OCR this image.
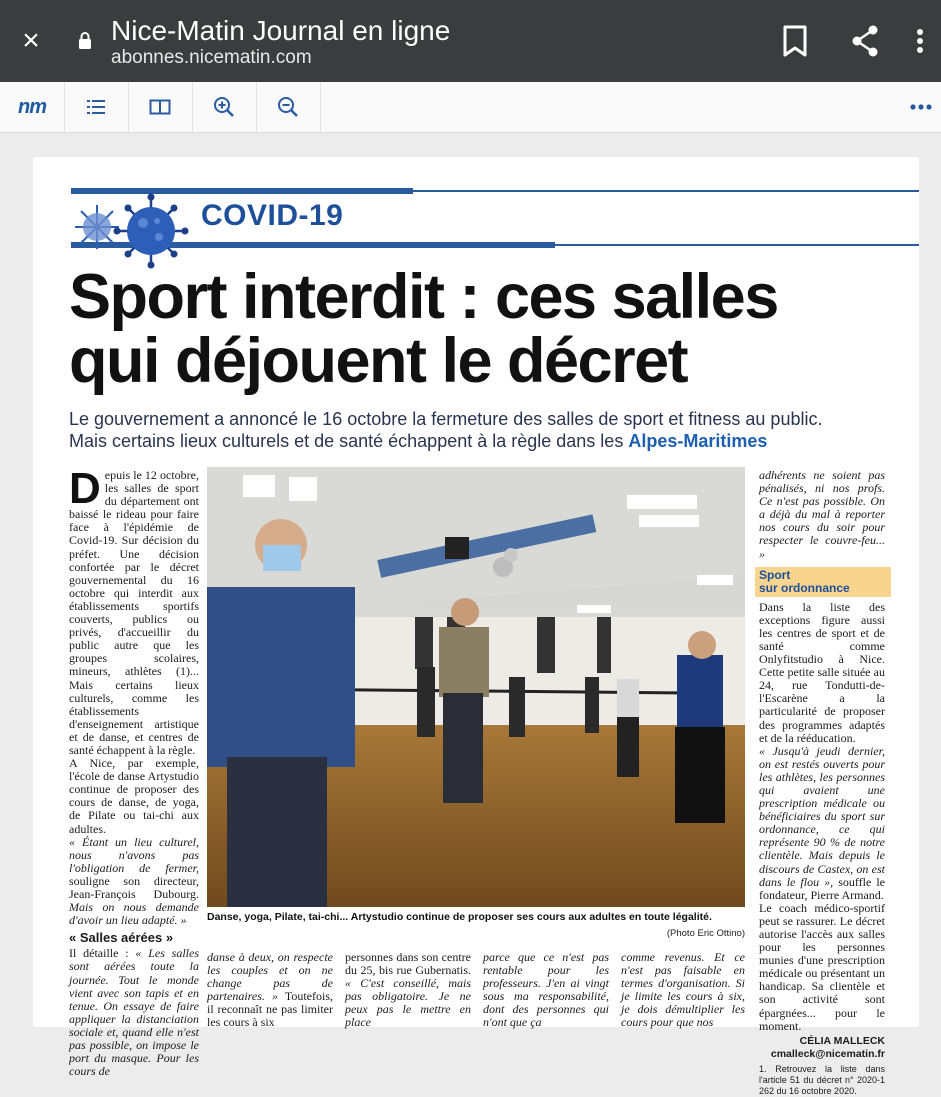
×	Nice-Matin Journal en ligne
abonnes.nicematin.com
nm
COVID-19
Sport interdit : ces salles
qui déjouent le décret
Le gouvernement a annoncé le 16 octobre la fermeture des salles de sport et fitness au public.
Mais certains lieux culturels et de santé échappent à la règle dans les Alpes-Maritimes

Depuis le 12 octobre, les salles de sport du département ont baissé le rideau pour faire face à l'épidémie de Covid-19. Sur décision du préfet. Une décision confortée par le décret gouvernemental du 16 octobre qui interdit aux établissements sportifs couverts, publics ou privés, d'accueillir du public autre que les groupes scolaires, mineurs, athlètes (1)... Mais certains lieux culturels, comme les établissements d'enseignement artistique et de danse, et centres de santé échappent à la règle.

A Nice, par exemple, l'école de danse Artystudio continue de proposer des cours de danse, de yoga, de Pilate ou tai-chi aux adultes.

« Étant un lieu culturel, nous n'avons pas l'obligation de fermer, souligne son directeur, Jean-François Dubourg. Mais on nous demande d'avoir un lieu adapté. »

« Salles aérées »

Il détaille : « Les salles sont aérées toute la journée. Tout le monde vient avec son tapis et en tenue. On essaye de faire appliquer la distanciation sociale et, quand elle n'est pas possible, on impose le port du masque. Pour les cours de

Danse, yoga, Pilate, tai-chi... Artystudio continue de proposer ses cours aux adultes en toute légalité.
(Photo Eric Ottino)

danse à deux, on respecte les couples et on ne change pas de partenaires. » Toutefois, il reconnaît ne pas limiter les cours à six

personnes dans son centre du 25, bis rue Gubernatis. « C'est conseillé, mais pas obligatoire. Je ne peux pas le mettre en place

parce que ce n'est pas rentable pour les professeurs. J'en ai vingt sous ma responsabilité, dont des personnes qui n'ont que ça

comme revenus. Et ce n'est pas faisable en termes d'organisation. Si je limite les cours à six, je dois démultiplier les cours pour que nos

adhérents ne soient pas pénalisés, ni nos profs. Ce n'est pas possible. On a déjà du mal à reporter nos cours du soir pour respecter le couvre-feu... »

Sport
sur ordonnance

Dans la liste des exceptions figure aussi les centres de sport et de santé comme Onlyfitstudio à Nice. Cette petite salle située au 24, rue Tondutti-de-l'Escarène a la particularité de proposer des programmes adaptés et de la rééducation.

« Jusqu'à jeudi dernier, on est restés ouverts pour les athlètes, les personnes qui avaient une prescription médicale ou bénéficiaires du sport sur ordonnance, ce qui représente 90 % de notre clientèle. Mais depuis le discours de Castex, on est dans le flou », souffle le fondateur, Pierre Armand.

Le coach médico-sportif peut se rassurer. Le décret autorise l'accès aux salles pour les personnes munies d'une prescription médicale ou présentant un handicap. Sa clientèle et son activité sont épargnées... pour le moment.

CÉLIA MALLECK
cmalleck@nicematin.fr
1. Retrouvez la liste dans l'article 51 du décret n° 2020-1 262 du 16 octobre 2020.
